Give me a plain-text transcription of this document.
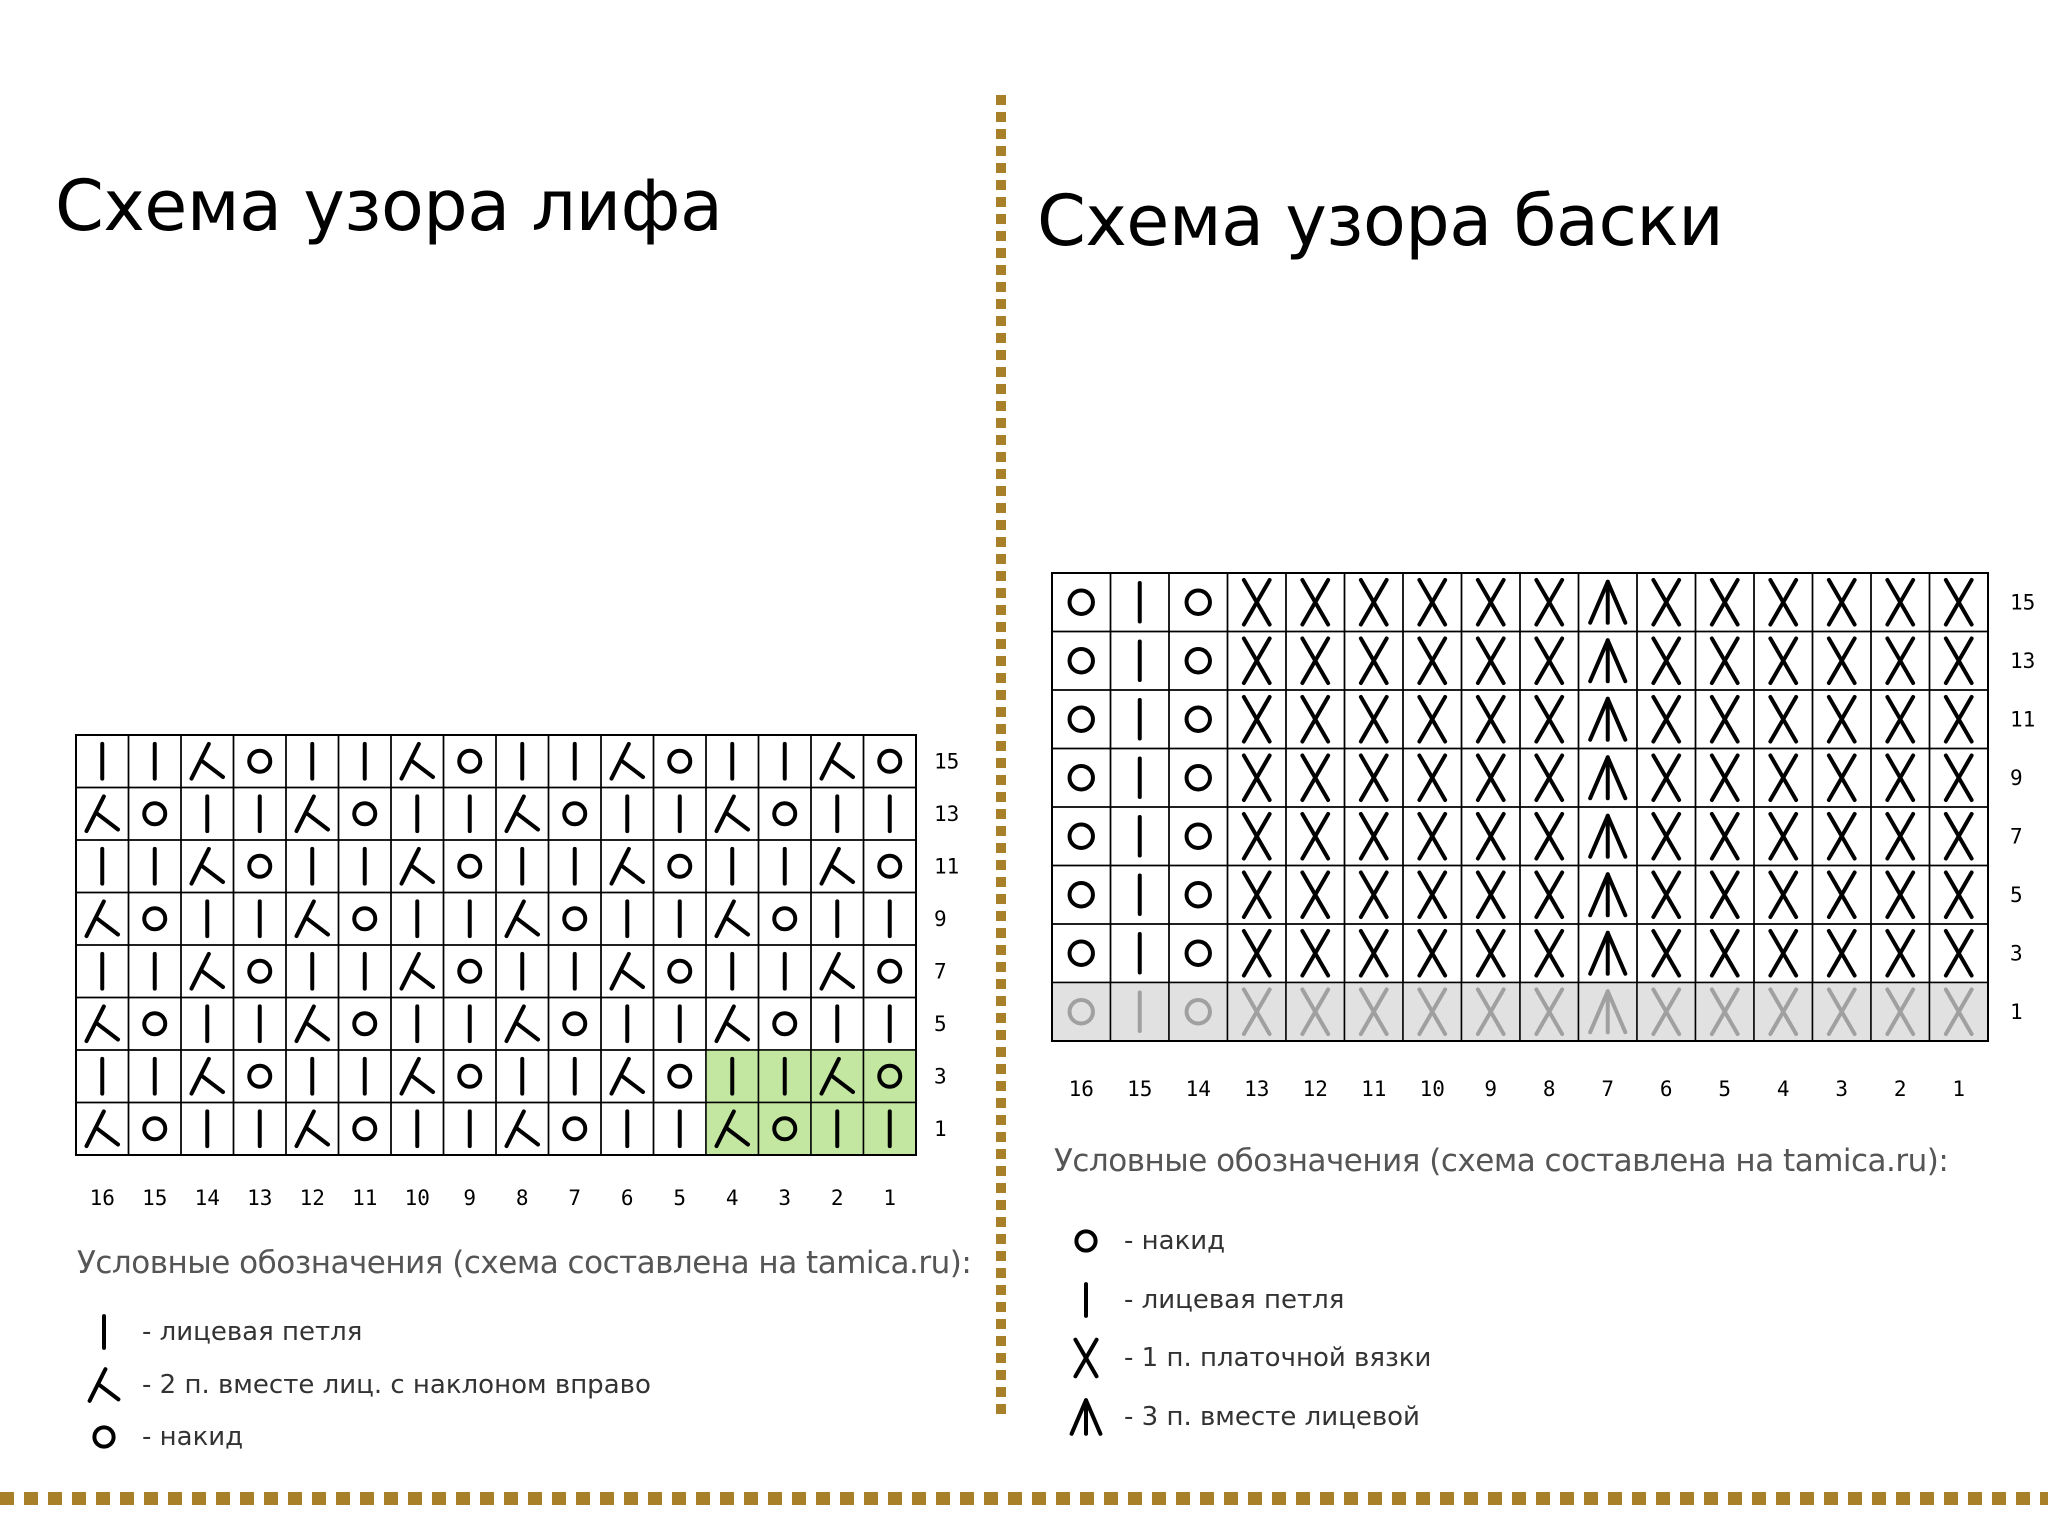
Схема узора лифа	Схема узора баски
15
13
11
9
7
5
3
1
16 15 14 13 12 11 10 9 8 7 6 5 4 3 2 1

Условные обозначения (схема составлена на tamica.ru):

- лицевая петля
- 2 п. вместе лиц. с наклоном вправо
- накид
15
13
11
9
7
5
3
1
16 15 14 13 12 11 10 9 8 7 6 5 4 3 2 1

Условные обозначения (схема составлена на tamica.ru):

- накид
- лицевая петля
- 1 п. платочной вязки
- 3 п. вместе лицевой
